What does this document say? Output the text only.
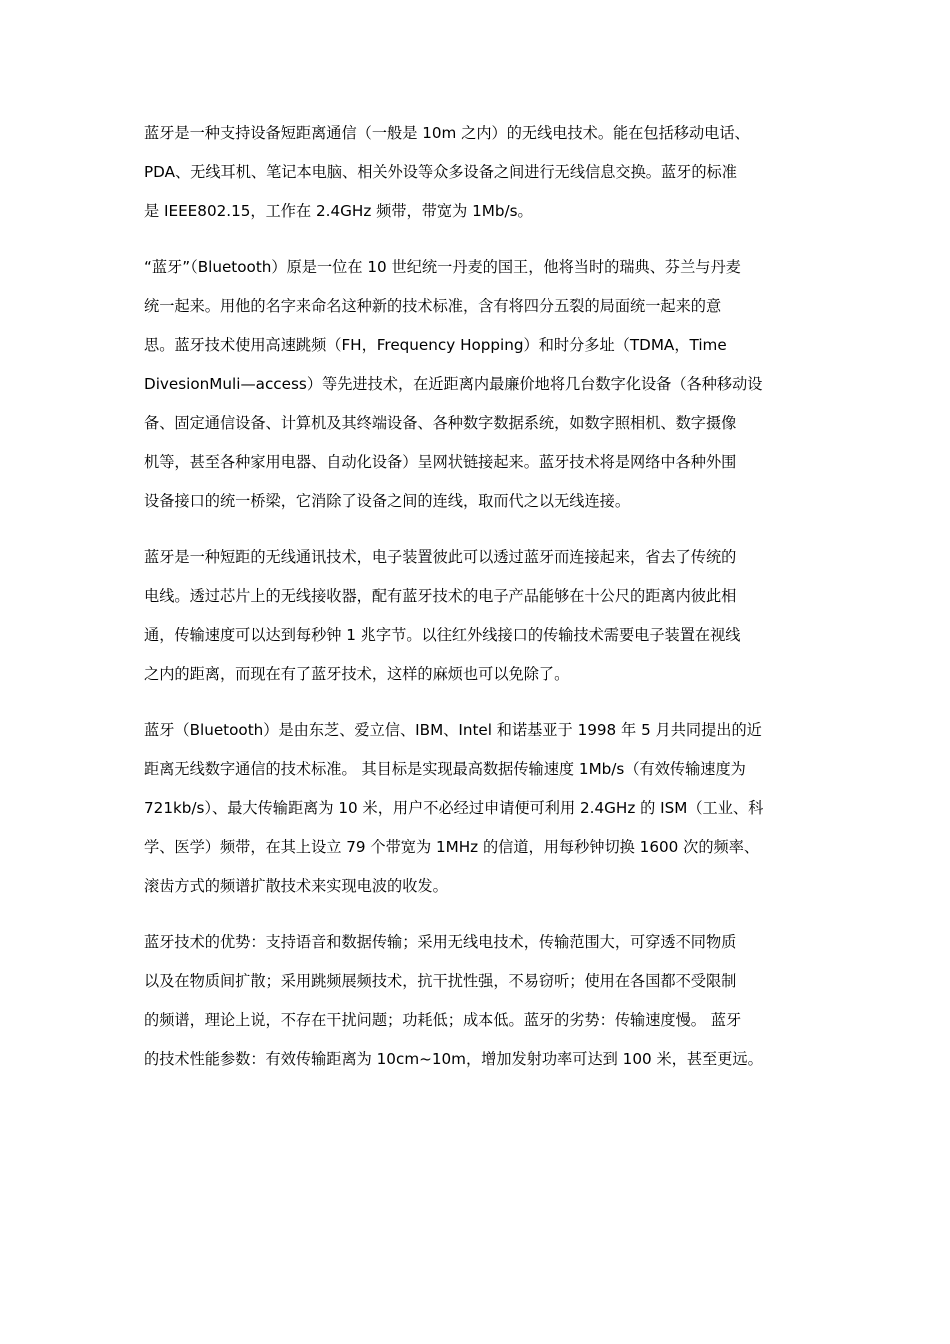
蓝牙是一种支持设备短距离通信（一般是 10m 之内）的无线电技术。能在包括移动电话、
PDA、无线耳机、笔记本电脑、相关外设等众多设备之间进行无线信息交换。蓝牙的标准
是 IEEE802.15，工作在 2.4GHz 频带，带宽为 1Mb/s。
“蓝牙”（Bluetooth）原是一位在 10 世纪统一丹麦的国王，他将当时的瑞典、芬兰与丹麦
统一起来。用他的名字来命名这种新的技术标准，含有将四分五裂的局面统一起来的意
思。蓝牙技术使用高速跳频（FH，Frequency Hopping）和时分多址（TDMA，Time
DivesionMuli—access）等先进技术，在近距离内最廉价地将几台数字化设备（各种移动设
备、固定通信设备、计算机及其终端设备、各种数字数据系统，如数字照相机、数字摄像
机等，甚至各种家用电器、自动化设备）呈网状链接起来。蓝牙技术将是网络中各种外围
设备接口的统一桥梁，它消除了设备之间的连线，取而代之以无线连接。
蓝牙是一种短距的无线通讯技术，电子装置彼此可以透过蓝牙而连接起来，省去了传统的
电线。透过芯片上的无线接收器，配有蓝牙技术的电子产品能够在十公尺的距离内彼此相
通，传输速度可以达到每秒钟 1 兆字节。以往红外线接口的传输技术需要电子装置在视线
之内的距离，而现在有了蓝牙技术，这样的麻烦也可以免除了。
蓝牙（Bluetooth）是由东芝、爱立信、IBM、Intel 和诺基亚于 1998 年 5 月共同提出的近
距离无线数字通信的技术标准。 其目标是实现最高数据传输速度 1Mb/s（有效传输速度为
721kb/s）、最大传输距离为 10 米，用户不必经过申请便可利用 2.4GHz 的 ISM（工业、科
学、医学）频带，在其上设立 79 个带宽为 1MHz 的信道，用每秒钟切换 1600 次的频率、
滚齿方式的频谱扩散技术来实现电波的收发。
蓝牙技术的优势：支持语音和数据传输；采用无线电技术，传输范围大，可穿透不同物质
以及在物质间扩散；采用跳频展频技术，抗干扰性强，不易窃听；使用在各国都不受限制
的频谱，理论上说，不存在干扰问题；功耗低；成本低。蓝牙的劣势：传输速度慢。 蓝牙
的技术性能参数：有效传输距离为 10cm~10m，增加发射功率可达到 100 米，甚至更远。
